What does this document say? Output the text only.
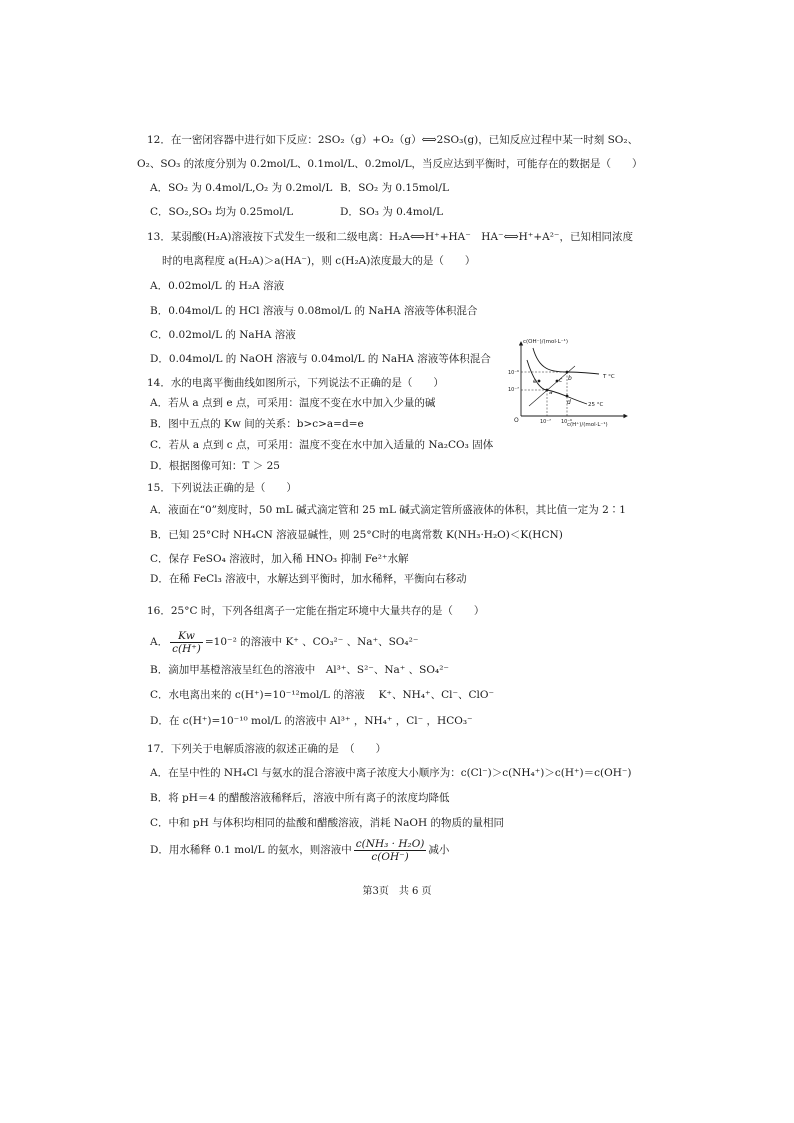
12．在一密闭容器中进行如下反应：2SO₂（g）+O₂（g）⟺2SO₃(g)，已知反应过程中某一时刻 SO₂、
O₂、SO₃ 的浓度分别为 0.2mol/L、0.1mol/L、0.2mol/L，当反应达到平衡时，可能存在的数据是（　　）
A．SO₂ 为 0.4mol/L,O₂ 为 0.2mol/L B．SO₂ 为 0.15mol/L
C．SO₂,SO₃ 均为 0.25mol/L	D．SO₃ 为 0.4mol/L
13．某弱酸(H₂A)溶液按下式发生一级和二级电离：H₂A⟺H⁺+HA⁻　HA⁻⟺H⁺+A²⁻，已知相同浓度
时的电离程度 a(H₂A)＞a(HA⁻)，则 c(H₂A)浓度最大的是（　　）
A．0.02mol/L 的 H₂A 溶液
B．0.04mol/L 的 HCl 溶液与 0.08mol/L 的 NaHA 溶液等体积混合
C．0.02mol/L 的 NaHA 溶液
D．0.04mol/L 的 NaOH 溶液与 0.04mol/L 的 NaHA 溶液等体积混合
14．水的电离平衡曲线如图所示，下列说法不正确的是（　　）
A．若从 a 点到 e 点，可采用：温度不变在水中加入少量的碱
B．图中五点的 Kw 间的关系：b>c>a=d=e
C．若从 a 点到 c 点，可采用：温度不变在水中加入适量的 Na₂CO₃ 固体
D．根据图像可知：T ＞ 25
c(OH⁻)/(mol·L⁻¹)
c(H⁺)/(mol·L⁻¹)
O
10⁻⁶
10⁻⁷
10⁻⁷ 10⁻⁶
e	c b
a
d
T °C
25 °C
15．下列说法正确的是（　　）
A．液面在“0”刻度时，50 mL 碱式滴定管和 25 mL 碱式滴定管所盛液体的体积，其比值一定为 2∶1
B．已知 25°C时 NH₄CN 溶液显碱性，则 25°C时的电离常数 K(NH₃·H₂O)＜K(HCN)
C．保存 FeSO₄ 溶液时，加入稀 HNO₃ 抑制 Fe²⁺水解
D．在稀 FeCl₃ 溶液中，水解达到平衡时，加水稀释，平衡向右移动
16．25°C 时，下列各组离子一定能在指定环境中大量共存的是（　　）
A． $\frac{Kw}{c(H^+)} =10^{-2}$ 的溶液中 K⁺ 、CO₃²⁻ 、Na⁺、SO₄²⁻
B．滴加甲基橙溶液呈红色的溶液中　Al³⁺、S²⁻、Na⁺ 、SO₄²⁻
C．水电离出来的 c(H⁺)=10⁻¹²mol/L 的溶液　 K⁺、NH₄⁺、Cl⁻、ClO⁻
D．在 c(H⁺)=10⁻¹⁰ mol/L 的溶液中 Al³⁺ ，NH₄⁺ ，Cl⁻ ，HCO₃⁻
17．下列关于电解质溶液的叙述正确的是　（　　）
A．在呈中性的 NH₄Cl 与氨水的混合溶液中离子浓度大小顺序为：c(Cl⁻)＞c(NH₄⁺)＞c(H⁺)＝c(OH⁻)
B．将 pH＝4 的醋酸溶液稀释后，溶液中所有离子的浓度均降低
C．中和 pH 与体积均相同的盐酸和醋酸溶液，消耗 NaOH 的物质的量相同
D．用水稀释 0.1 mol/L 的氨水，则溶液中 $\frac{\text{c(NH₃ · H₂O)}}{c(OH^-)}$ 减小
第3页　共 6 页
